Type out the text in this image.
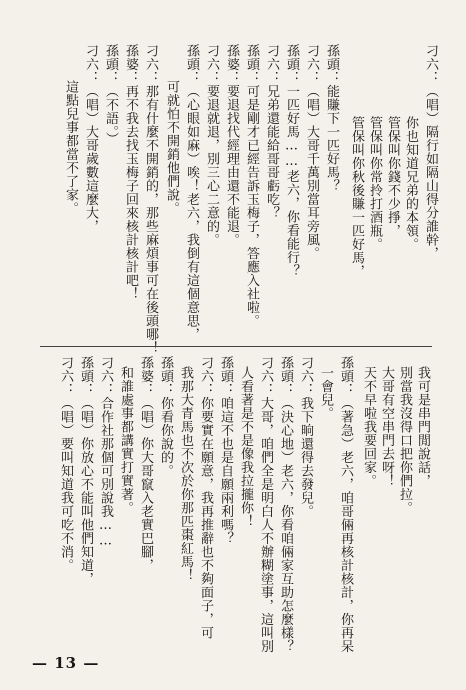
刁六：（唱）隔行如隔山得分誰幹，
你也知道兄弟的本領。
管保叫你錢不少掙，
管保叫你常拎打酒瓶。
管保叫你秋後賺一匹好馬，
孫頭：能賺下一匹好馬？
刁六：（唱）大哥千萬別當耳旁風。
孫頭：一匹好馬……老六，你看能行？
刁六：兄弟還能給哥哥虧吃？
孫頭：可是剛才已經告訴玉梅子，答應入社啦。
孫婆：要退找代經理由還不能退。
刁六：要退就退，別三心二意的。
孫頭：（心眼如麻）唉！老六，我倒有這個意思，
可就怕不開銷他們說。
刁六：那有什麼不開銷的，那些麻煩事可在後頭哪！
孫婆：再不我去找玉梅子回來核計核計吧！
孫頭：（不語。）
刁六：（唱）大哥歲數這麼大，
這點兒事都當不了家。
我可是串門閒說話，
別當我沒得口把你們拉。
大哥有空串門去呀！
天不早啦我要回家。
孫頭：（著急）老六，咱哥倆再核計核計，你再呆
一會兒。
刁六：我下晌還得去發兒。
孫頭：（決心地）老六，你看咱倆家互助怎麼樣？
刁六：大哥，咱們全是明白人不辦糊塗事，這叫別
人看著是不是像我拉攏你！
孫頭：咱這不也是自願兩利嗎？
刁六：你要實在願意，我再推辭也不夠面子，可
我那大青馬也不次於你那匹棗紅馬！
孫頭：你看你說的。
孫婆：（唱）你大哥竄入老實巴腳，
和誰處事都講實打實著。
刁六：合作社那個可別說我……
孫頭：（唱）你放心不能叫他們知道，
刁六：（唱）要叫知道我可吃不消。
— 13 —
